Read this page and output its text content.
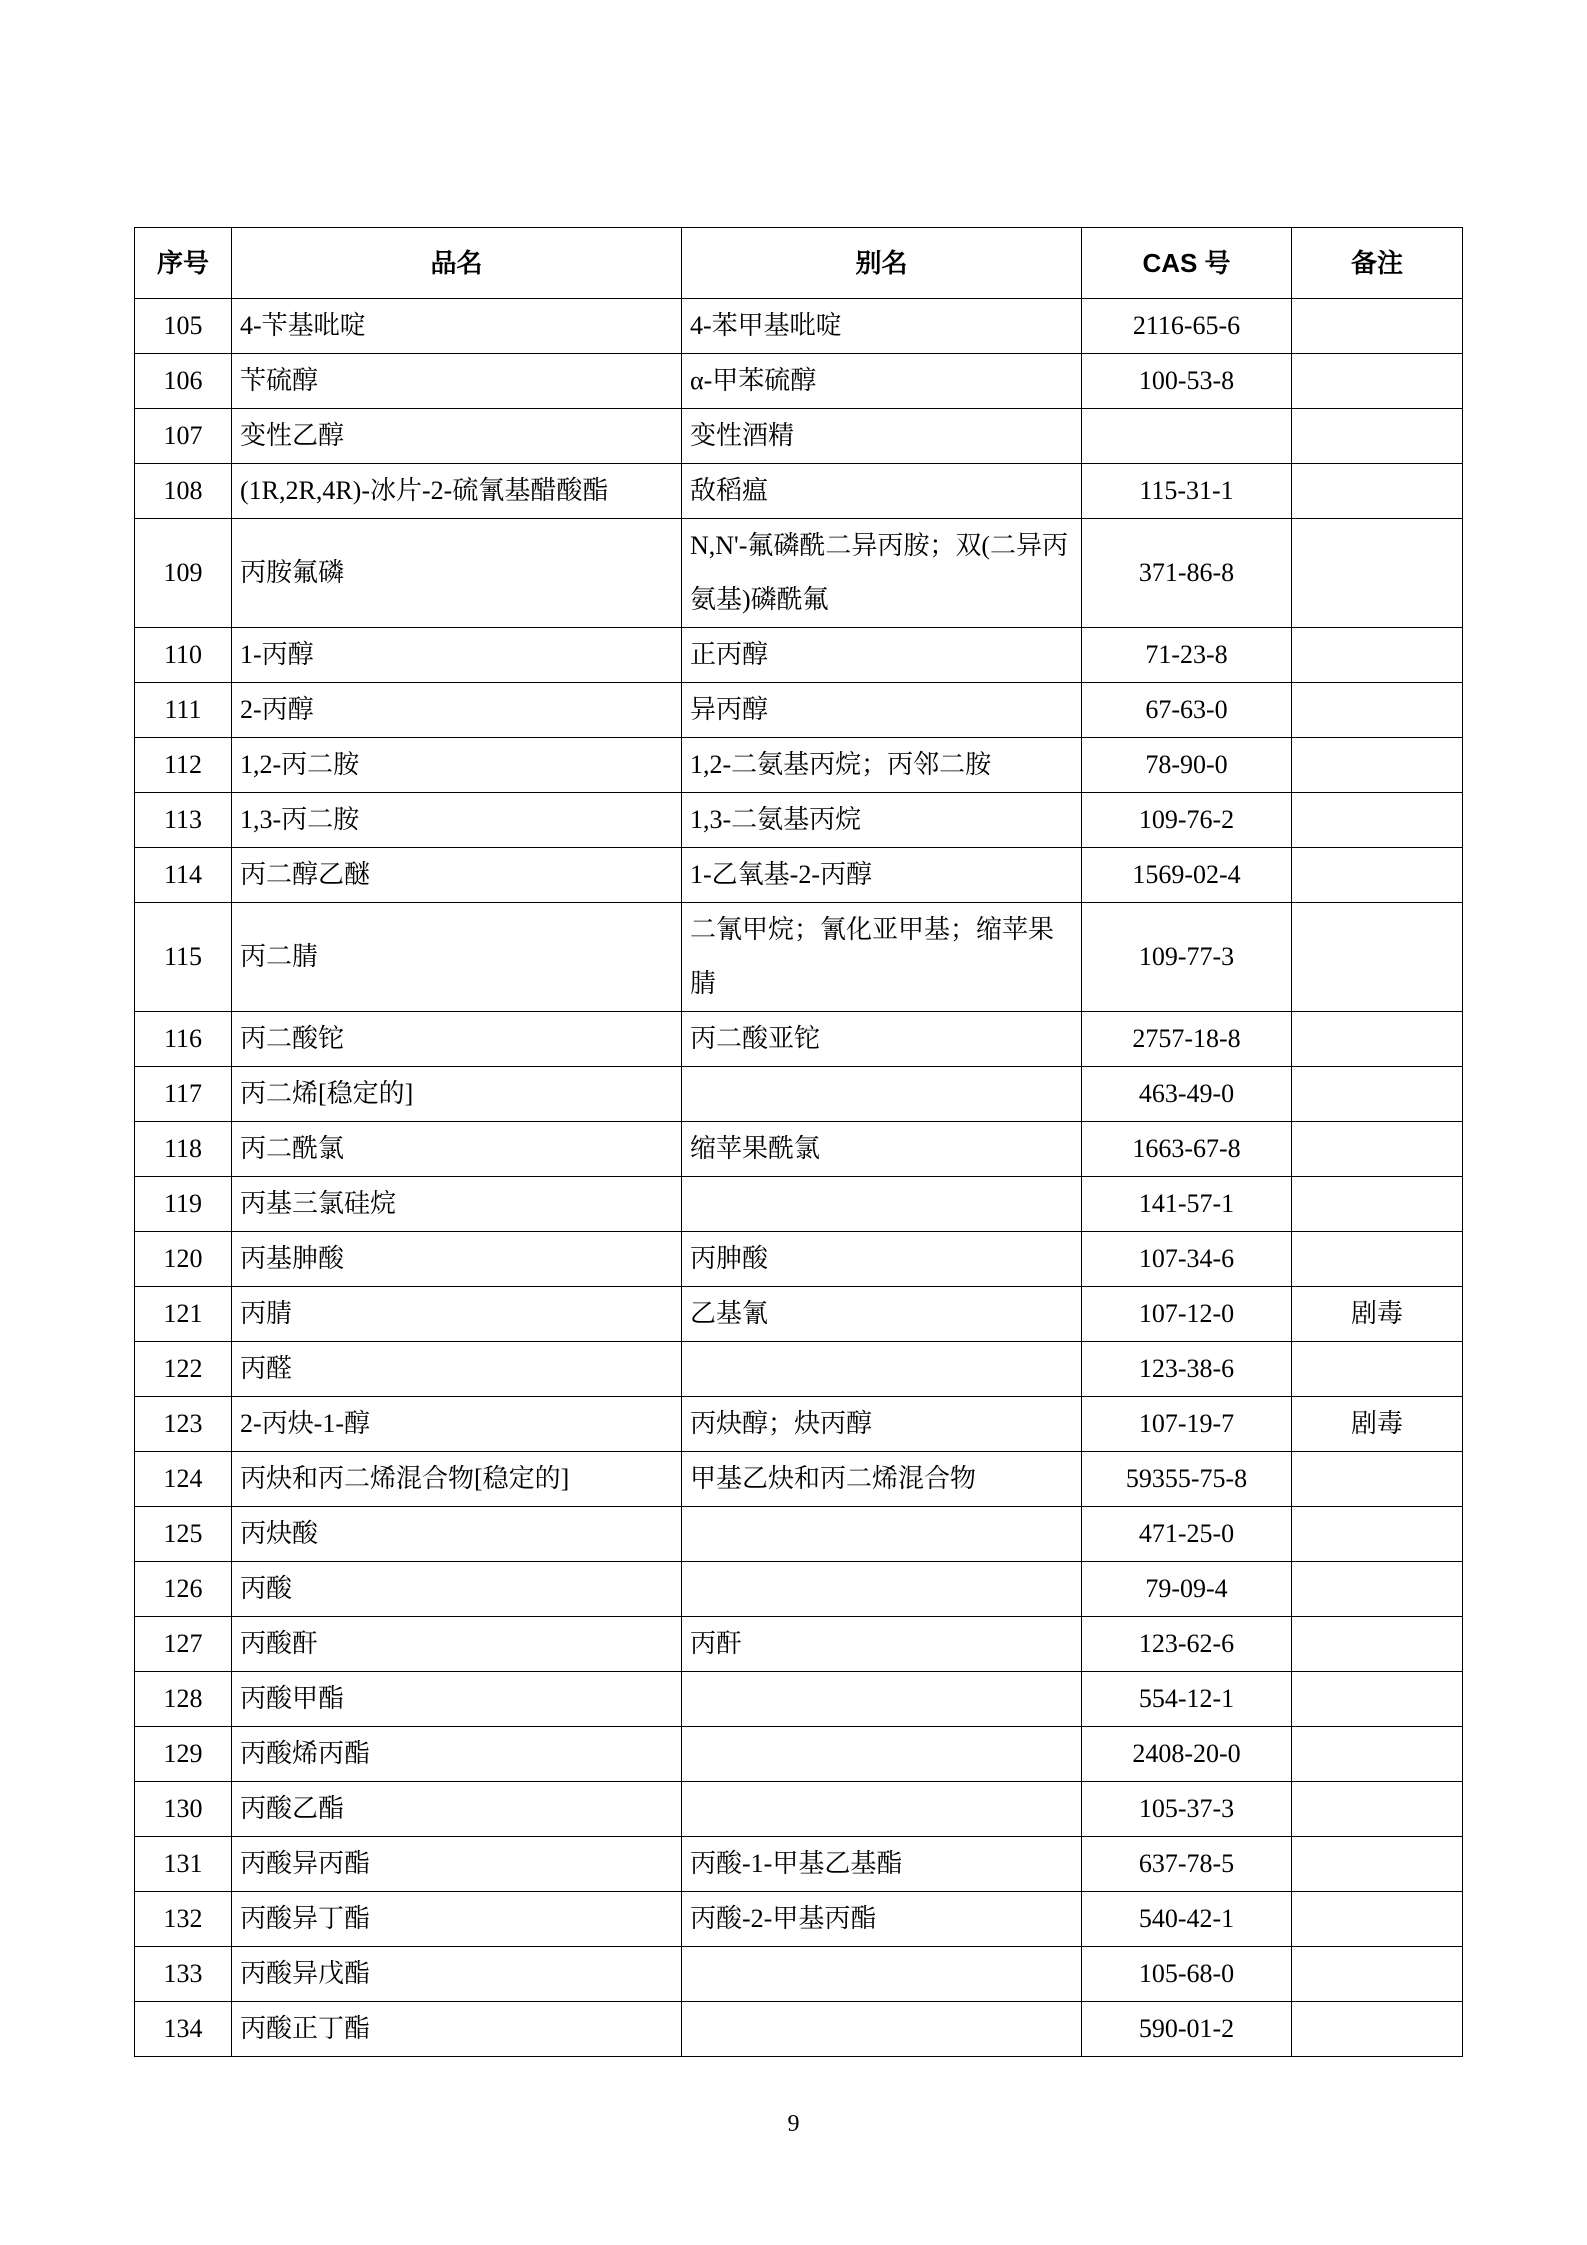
序号	品名	别名	CAS 号	备注
105	4-苄基吡啶	4-苯甲基吡啶	2116-65-6	
106	苄硫醇	α-甲苯硫醇	100-53-8	
107	变性乙醇	变性酒精		
108	(1R,2R,4R)-冰片-2-硫氰基醋酸酯	敌稻瘟	115-31-1	
109	丙胺氟磷	N,N'-氟磷酰二异丙胺；双(二异丙氨基)磷酰氟	371-86-8	
110	1-丙醇	正丙醇	71-23-8	
111	2-丙醇	异丙醇	67-63-0	
112	1,2-丙二胺	1,2-二氨基丙烷；丙邻二胺	78-90-0	
113	1,3-丙二胺	1,3-二氨基丙烷	109-76-2	
114	丙二醇乙醚	1-乙氧基-2-丙醇	1569-02-4	
115	丙二腈	二氰甲烷；氰化亚甲基；缩苹果腈	109-77-3	
116	丙二酸铊	丙二酸亚铊	2757-18-8	
117	丙二烯[稳定的]		463-49-0	
118	丙二酰氯	缩苹果酰氯	1663-67-8	
119	丙基三氯硅烷		141-57-1	
120	丙基胂酸	丙胂酸	107-34-6	
121	丙腈	乙基氰	107-12-0	剧毒
122	丙醛		123-38-6	
123	2-丙炔-1-醇	丙炔醇；炔丙醇	107-19-7	剧毒
124	丙炔和丙二烯混合物[稳定的]	甲基乙炔和丙二烯混合物	59355-75-8	
125	丙炔酸		471-25-0	
126	丙酸		79-09-4	
127	丙酸酐	丙酐	123-62-6	
128	丙酸甲酯		554-12-1	
129	丙酸烯丙酯		2408-20-0	
130	丙酸乙酯		105-37-3	
131	丙酸异丙酯	丙酸-1-甲基乙基酯	637-78-5	
132	丙酸异丁酯	丙酸-2-甲基丙酯	540-42-1	
133	丙酸异戊酯		105-68-0	
134	丙酸正丁酯		590-01-2	
9
